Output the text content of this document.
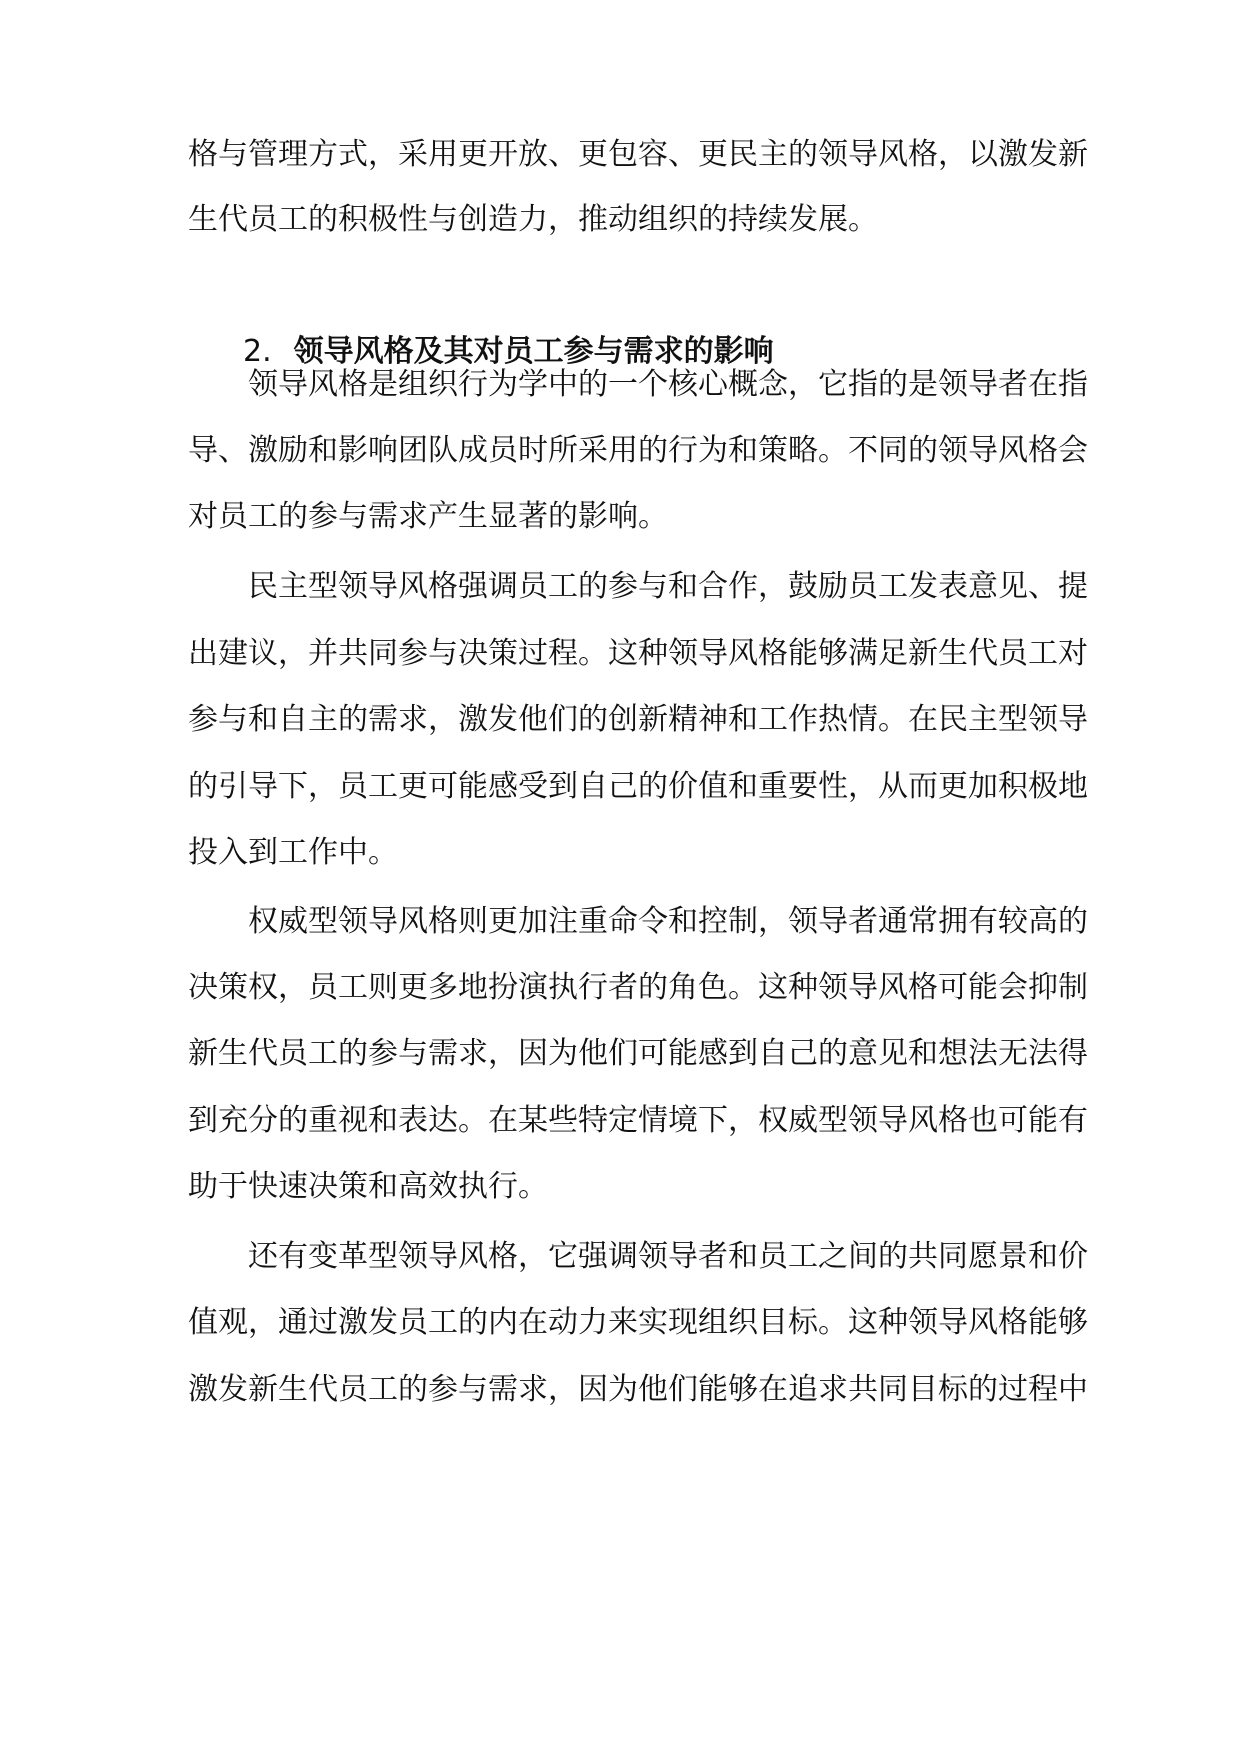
格与管理方式，采用更开放、更包容、更民主的领导风格，以激发新
生代员工的积极性与创造力，推动组织的持续发展。
2. 领导风格及其对员工参与需求的影响
领导风格是组织行为学中的一个核心概念，它指的是领导者在指
导、激励和影响团队成员时所采用的行为和策略。不同的领导风格会
对员工的参与需求产生显著的影响。
民主型领导风格强调员工的参与和合作，鼓励员工发表意见、提
出建议，并共同参与决策过程。这种领导风格能够满足新生代员工对
参与和自主的需求，激发他们的创新精神和工作热情。在民主型领导
的引导下，员工更可能感受到自己的价值和重要性，从而更加积极地
投入到工作中。
权威型领导风格则更加注重命令和控制，领导者通常拥有较高的
决策权，员工则更多地扮演执行者的角色。这种领导风格可能会抑制
新生代员工的参与需求，因为他们可能感到自己的意见和想法无法得
到充分的重视和表达。在某些特定情境下，权威型领导风格也可能有
助于快速决策和高效执行。
还有变革型领导风格，它强调领导者和员工之间的共同愿景和价
值观，通过激发员工的内在动力来实现组织目标。这种领导风格能够
激发新生代员工的参与需求，因为他们能够在追求共同目标的过程中
